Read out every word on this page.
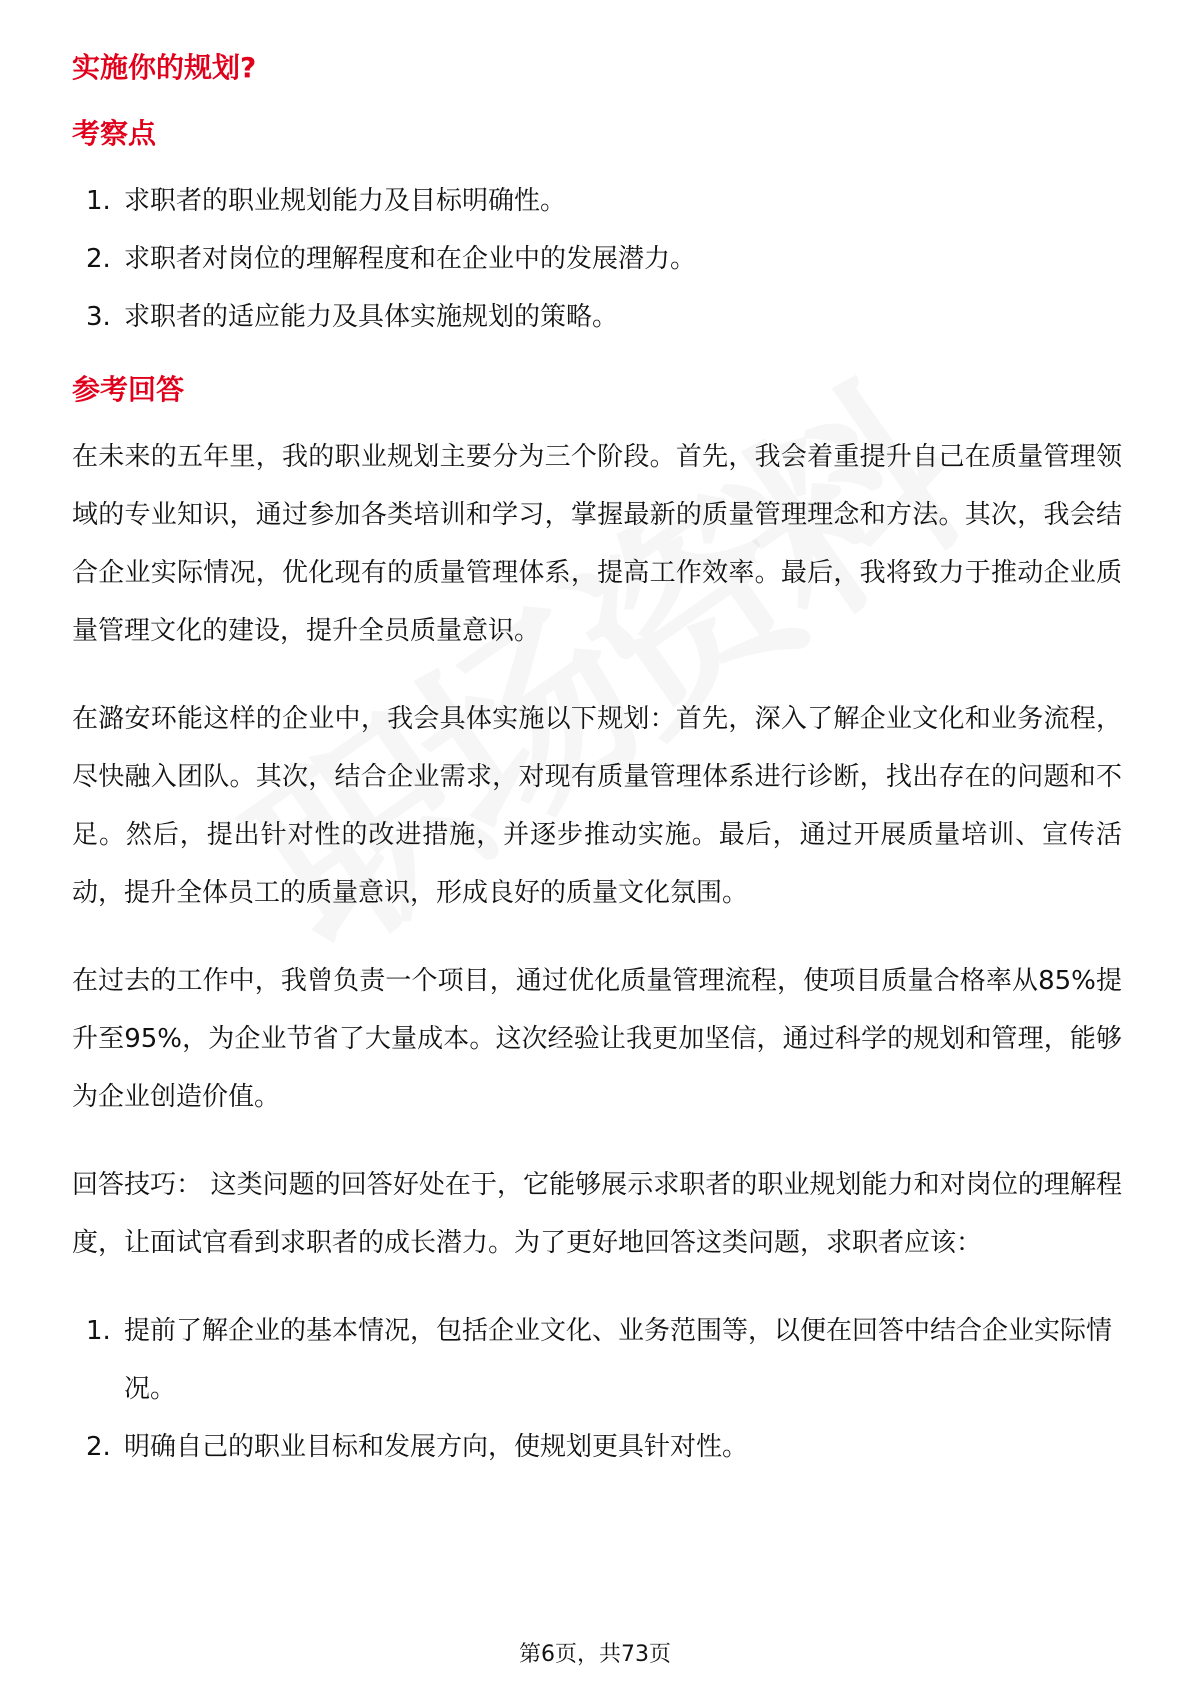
实施你的规划?
考察点
1. 求职者的职业规划能力及目标明确性。
2. 求职者对岗位的理解程度和在企业中的发展潜力。
3. 求职者的适应能力及具体实施规划的策略。
参考回答

在未来的五年里，我的职业规划主要分为三个阶段。首先，我会着重提升自己在质量管理领域的专业知识，通过参加各类培训和学习，掌握最新的质量管理理念和方法。其次，我会结合企业实际情况，优化现有的质量管理体系，提高工作效率。最后，我将致力于推动企业质量管理文化的建设，提升全员质量意识。

在潞安环能这样的企业中，我会具体实施以下规划：首先，深入了解企业文化和业务流程，尽快融入团队。其次，结合企业需求，对现有质量管理体系进行诊断，找出存在的问题和不足。然后，提出针对性的改进措施，并逐步推动实施。最后，通过开展质量培训、宣传活动，提升全体员工的质量意识，形成良好的质量文化氛围。

在过去的工作中，我曾负责一个项目，通过优化质量管理流程，使项目质量合格率从85%提升至95%，为企业节省了大量成本。这次经验让我更加坚信，通过科学的规划和管理，能够为企业创造价值。

回答技巧： 这类问题的回答好处在于，它能够展示求职者的职业规划能力和对岗位的理解程度，让面试官看到求职者的成长潜力。为了更好地回答这类问题，求职者应该：

1. 提前了解企业的基本情况，包括企业文化、业务范围等，以便在回答中结合企业实际情况。
2. 明确自己的职业目标和发展方向，使规划更具针对性。
第6页，共73页
